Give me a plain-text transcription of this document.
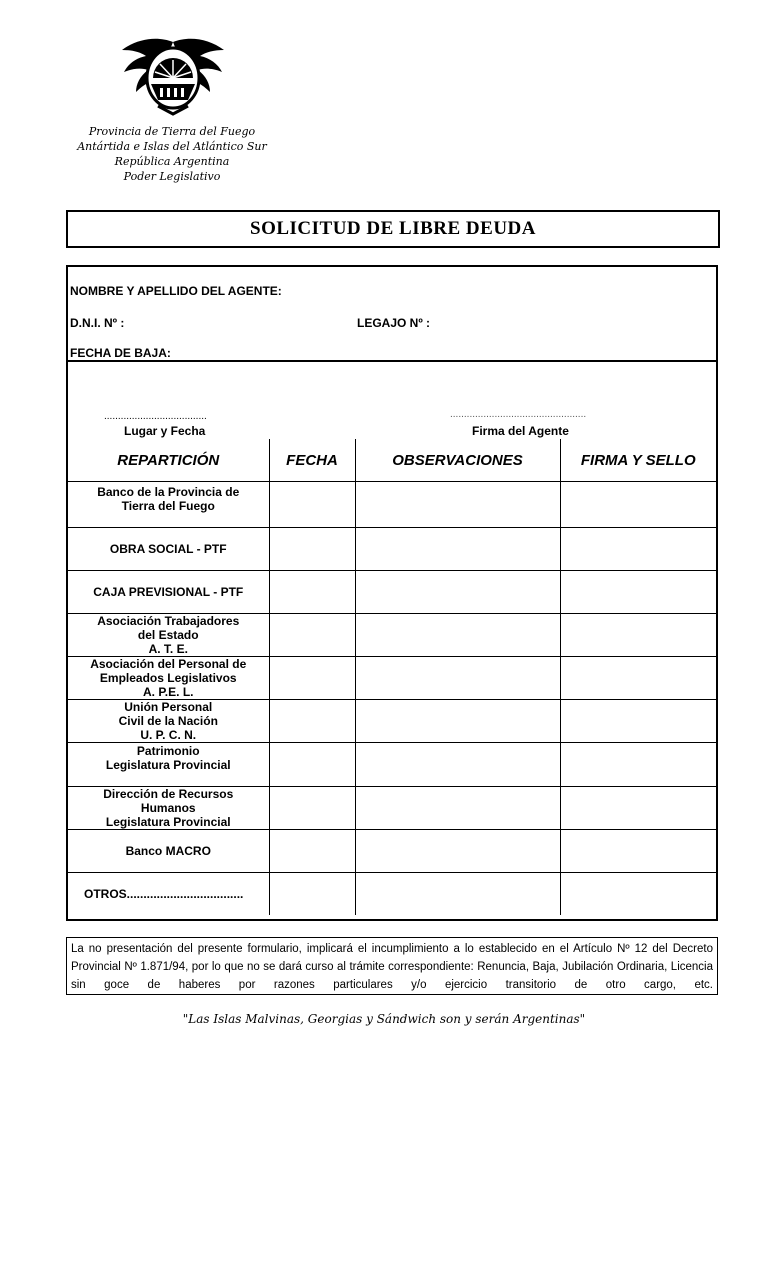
Provincia de Tierra del Fuego
Antártida e Islas del Atlántico Sur
República Argentina
Poder Legislativo
SOLICITUD DE LIBRE DEUDA
NOMBRE Y APELLIDO DEL AGENTE:
D.N.I. Nº :	LEGAJO Nº :
FECHA DE BAJA:
.....................................
Lugar y Fecha
.................................................
Firma del Agente
REPARTICIÓN	FECHA	OBSERVACIONES	FIRMA Y SELLO

Banco de la Provincia de
Tierra del Fuego			

OBRA SOCIAL - PTF			

CAJA PREVISIONAL - PTF			

Asociación Trabajadores
del Estado
A. T. E.			

Asociación del Personal de
Empleados Legislativos
A. P.E. L.			

Unión Personal
Civil de la Nación
U. P. C. N.			

Patrimonio
Legislatura Provincial			

Dirección de Recursos
Humanos
Legislatura Provincial			

Banco MACRO			

OTROS...................................			

La no presentación del presente formulario, implicará el incumplimiento a lo establecido en el Artículo Nº 12 del Decreto Provincial Nº 1.871/94, por lo que no se dará curso al trámite correspondiente: Renuncia, Baja, Jubilación Ordinaria, Licencia sin goce de haberes por razones particulares y/o ejercicio transitorio de otro cargo, etc.
"Las Islas Malvinas, Georgias y Sándwich son y serán Argentinas"
